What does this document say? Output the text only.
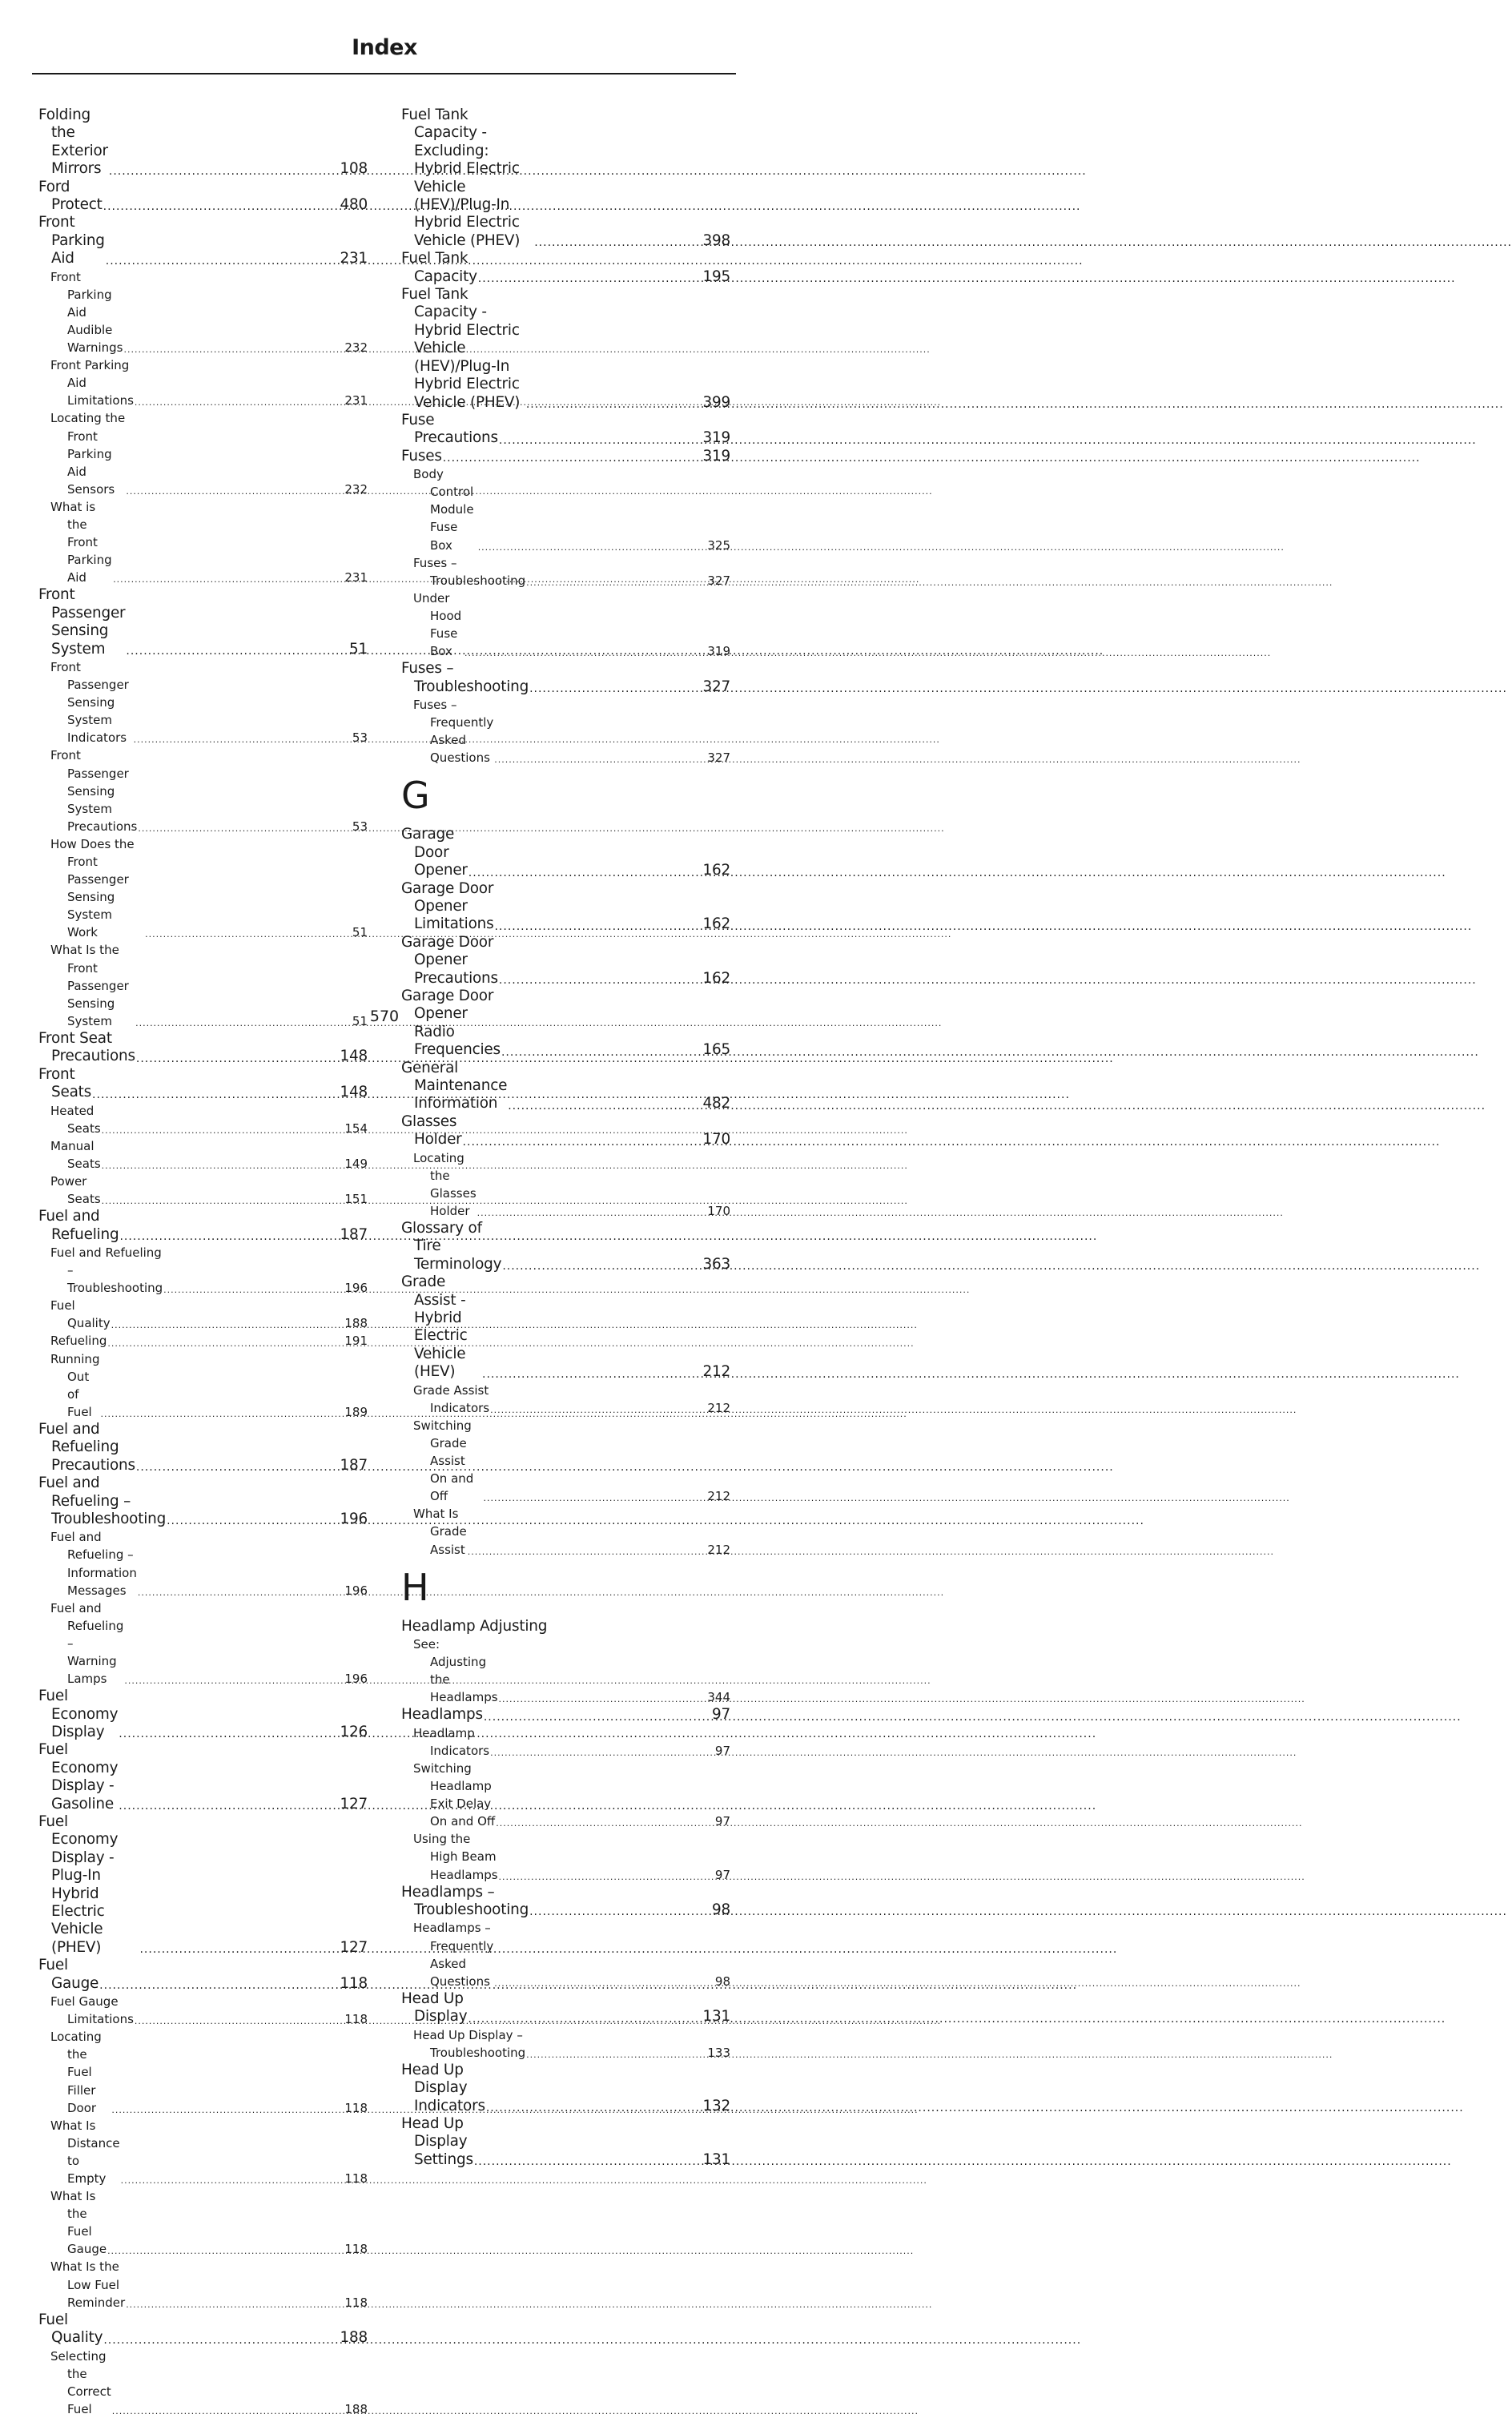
Index
Folding the Exterior Mirrors .....	108
Ford Protect .....	480
Front Parking Aid .....	231
Front Parking Aid Audible Warnings .....	232
Front Parking Aid Limitations .....	231
Locating the Front Parking Aid Sensors .....	232
What is the Front Parking Aid .....	231
Front Passenger Sensing System .....	51
Front Passenger Sensing System Indicators .....	53
Front Passenger Sensing System Precautions .....	53
How Does the Front Passenger Sensing System Work .....	51
What Is the Front Passenger Sensing System .....	51
Front Seat Precautions .....	148
Front Seats .....	148
Heated Seats .....	154
Manual Seats .....	149
Power Seats .....	151
Fuel and Refueling .....	187
Fuel and Refueling – Troubleshooting .....	196
Fuel Quality .....	188
Refueling .....	191
Running Out of Fuel .....	189
Fuel and Refueling Precautions .....	187
Fuel and Refueling – Troubleshooting .....	196
Fuel and Refueling – Information Messages .....	196
Fuel and Refueling – Warning Lamps .....	196
Fuel Economy Display .....	126
Fuel Economy Display - Gasoline .....	127
Fuel Economy Display - Plug-In Hybrid Electric Vehicle (PHEV) .....	127
Fuel Gauge .....	118
Fuel Gauge Limitations .....	118
Locating the Fuel Filler Door .....	118
What Is Distance to Empty .....	118
What Is the Fuel Gauge .....	118
What Is the Low Fuel Reminder .....	118
Fuel Quality .....	188
Selecting the Correct Fuel .....	188
Fuel Tank Capacity - Excluding: Hybrid Electric Vehicle (HEV)/Plug-In Hybrid Electric Vehicle (PHEV) .....	398
Fuel Tank Capacity .....	195
Fuel Tank Capacity - Hybrid Electric Vehicle (HEV)/Plug-In Hybrid Electric Vehicle (PHEV) .....	399
Fuse Precautions .....	319
Fuses .....	319
Body Control Module Fuse Box .....	325
Fuses – Troubleshooting .....	327
Under Hood Fuse Box .....	319
Fuses – Troubleshooting .....	327
Fuses – Frequently Asked Questions .....	327
G
Garage Door Opener .....	162
Garage Door Opener Limitations .....	162
Garage Door Opener Precautions .....	162
Garage Door Opener Radio Frequencies .....	165
General Maintenance Information .....	482
Glasses Holder .....	170
Locating the Glasses Holder .....	170
Glossary of Tire Terminology .....	363
Grade Assist - Hybrid Electric Vehicle (HEV) .....	212
Grade Assist Indicators .....	212
Switching Grade Assist On and Off .....	212
What Is Grade Assist .....	212
H
Headlamp Adjusting
See: Adjusting the Headlamps .....	344
Headlamps .....	97
Headlamp Indicators .....	97
Switching Headlamp Exit Delay On and Off .....	97
Using the High Beam Headlamps .....	97
Headlamps – Troubleshooting .....	98
Headlamps – Frequently Asked Questions .....	98
Head Up Display .....	131
Head Up Display – Troubleshooting .....	133
Head Up Display Indicators .....	132
Head Up Display Settings .....	131
570
